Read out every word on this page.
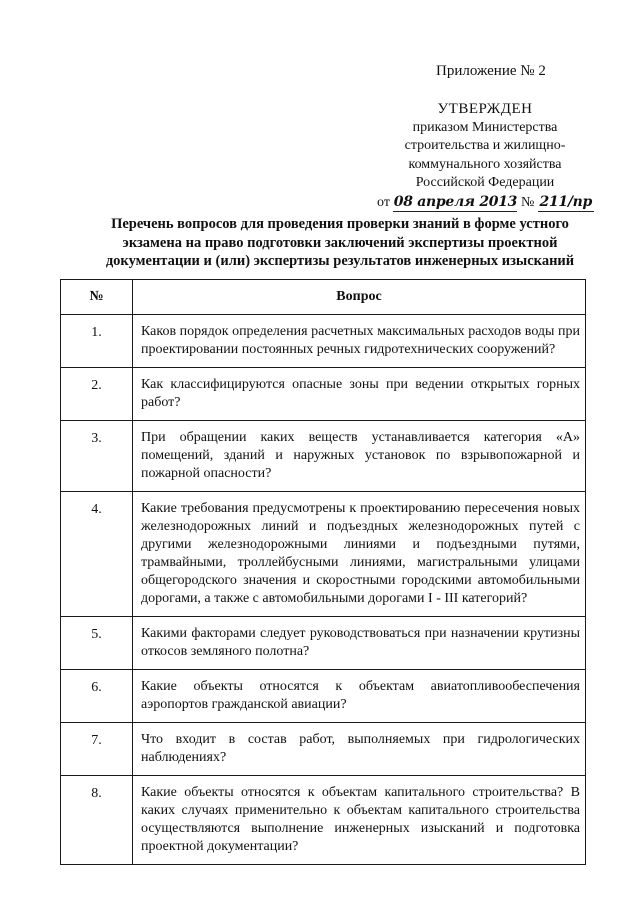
Приложение № 2
УТВЕРЖДЕН
приказом Министерства
строительства и жилищно-
коммунального хозяйства
Российской Федерации
от 08 апреля 2013 № 211/пр
Перечень вопросов для проведения проверки знаний в форме устного экзамена на право подготовки заключений экспертизы проектной документации и (или) экспертизы результатов инженерных изысканий
№	Вопрос
1.	Каков порядок определения расчетных максимальных расходов воды при проектировании постоянных речных гидротехнических сооружений?
2.	Как классифицируются опасные зоны при ведении открытых горных работ?
3.	При обращении каких веществ устанавливается категория «А» помещений, зданий и наружных установок по взрывопожарной и пожарной опасности?
4.	Какие требования предусмотрены к проектированию пересечения новых железнодорожных линий и подъездных железнодорожных путей с другими железнодорожными линиями и подъездными путями, трамвайными, троллейбусными линиями, магистральными улицами общегородского значения и скоростными городскими автомобильными дорогами, а также с автомобильными дорогами I - III категорий?
5.	Какими факторами следует руководствоваться при назначении крутизны откосов земляного полотна?
6.	Какие объекты относятся к объектам авиатопливообеспечения аэропортов гражданской авиации?
7.	Что входит в состав работ, выполняемых при гидрологических наблюдениях?
8.	Какие объекты относятся к объектам капитального строительства? В каких случаях применительно к объектам капитального строительства осуществляются выполнение инженерных изысканий и подготовка проектной документации?
